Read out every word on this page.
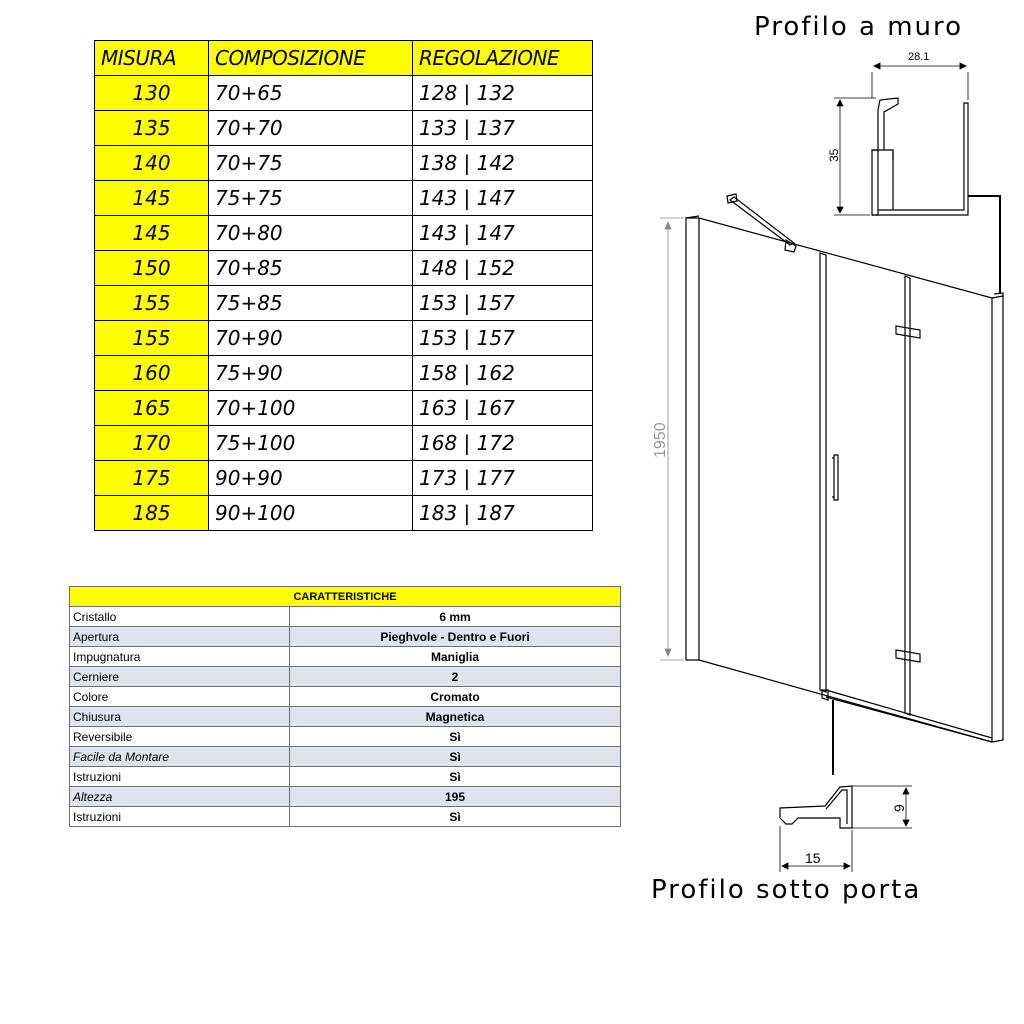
MISURA	COMPOSIZIONE	REGOLAZIONE
130	70+65	128 | 132
135	70+70	133 | 137
140	70+75	138 | 142
145	75+75	143 | 147
145	70+80	143 | 147
150	70+85	148 | 152
155	75+85	153 | 157
155	70+90	153 | 157
160	75+90	158 | 162
165	70+100	163 | 167
170	75+100	168 | 172
175	90+90	173 | 177
185	90+100	183 | 187
CARATTERISTICHE	
Cristallo	6 mm
Apertura	Pieghvole - Dentro e Fuori
Impugnatura	Maniglia
Cerniere	2
Colore	Cromato
Chiusura	Magnetica
Reversibile	Sì
Facile da Montare	Sì
Istruzioni	Sì
Altezza	195
Istruzioni	Sì
Profilo a muro
Profilo sotto porta
28.1
35
1950
9
15
